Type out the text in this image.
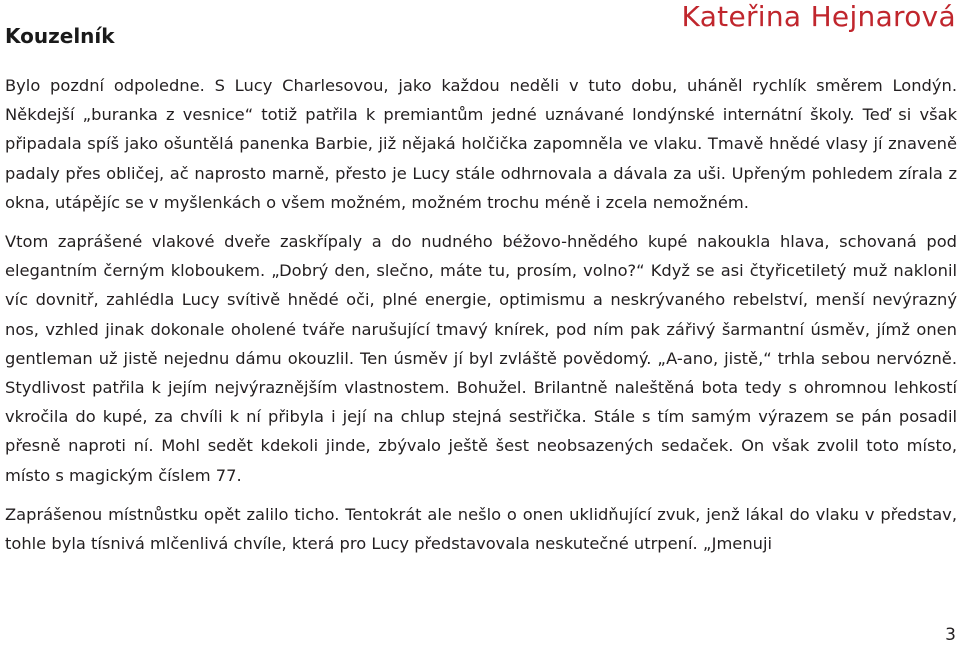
Kouzelník
Kateřina Hejnarová

Bylo pozdní odpoledne. S Lucy Charlesovou, jako každou neděli v tuto dobu, uháněl rychlík směrem Londýn. Někdejší „buranka z vesnice“ totiž patřila k premiantům jedné uznávané londýnské internátní školy. Teď si však připadala spíš jako ošuntělá panenka Barbie, již nějaká holčička zapomněla ve vlaku. Tmavě hnědé vlasy jí znaveně padaly přes obličej, ač naprosto marně, přesto je Lucy stále odhrnovala a dávala za uši. Upřeným pohledem zírala z okna, utápějíc se v myšlenkách o všem možném, možném trochu méně i zcela nemožném.

Vtom zaprášené vlakové dveře zaskřípaly a do nudného béžovo-hnědého kupé nakoukla hlava, schovaná pod elegantním černým kloboukem. „Dobrý den, slečno, máte tu, prosím, volno?“ Když se asi čtyřicetiletý muž naklonil víc dovnitř, zahlédla Lucy svítivě hnědé oči, plné energie, optimismu a neskrývaného rebelství, menší nevýrazný nos, vzhled jinak dokonale oholené tváře narušující tmavý knírek, pod ním pak zářivý šarmantní úsměv, jímž onen gentleman už jistě nejednu dámu okouzlil. Ten úsměv jí byl zvláště povědomý. „A-ano, jistě,“ trhla sebou nervózně. Stydlivost patřila k jejím nejvýraznějším vlastnostem. Bohužel. Brilantně naleštěná bota tedy s ohromnou lehkostí vkročila do kupé, za chvíli k ní přibyla i její na chlup stejná sestřička. Stále s tím samým výrazem se pán posadil přesně naproti ní. Mohl sedět kdekoli jinde, zbývalo ještě šest neobsazených sedaček. On však zvolil toto místo, místo s magickým číslem 77.

Zaprášenou místnůstku opět zalilo ticho. Tentokrát ale nešlo o onen uklidňující zvuk, jenž lákal do vlaku v představ, tohle byla tísnivá mlčenlivá chvíle, která pro Lucy představovala neskutečné utrpení. „Jmenuji

3
